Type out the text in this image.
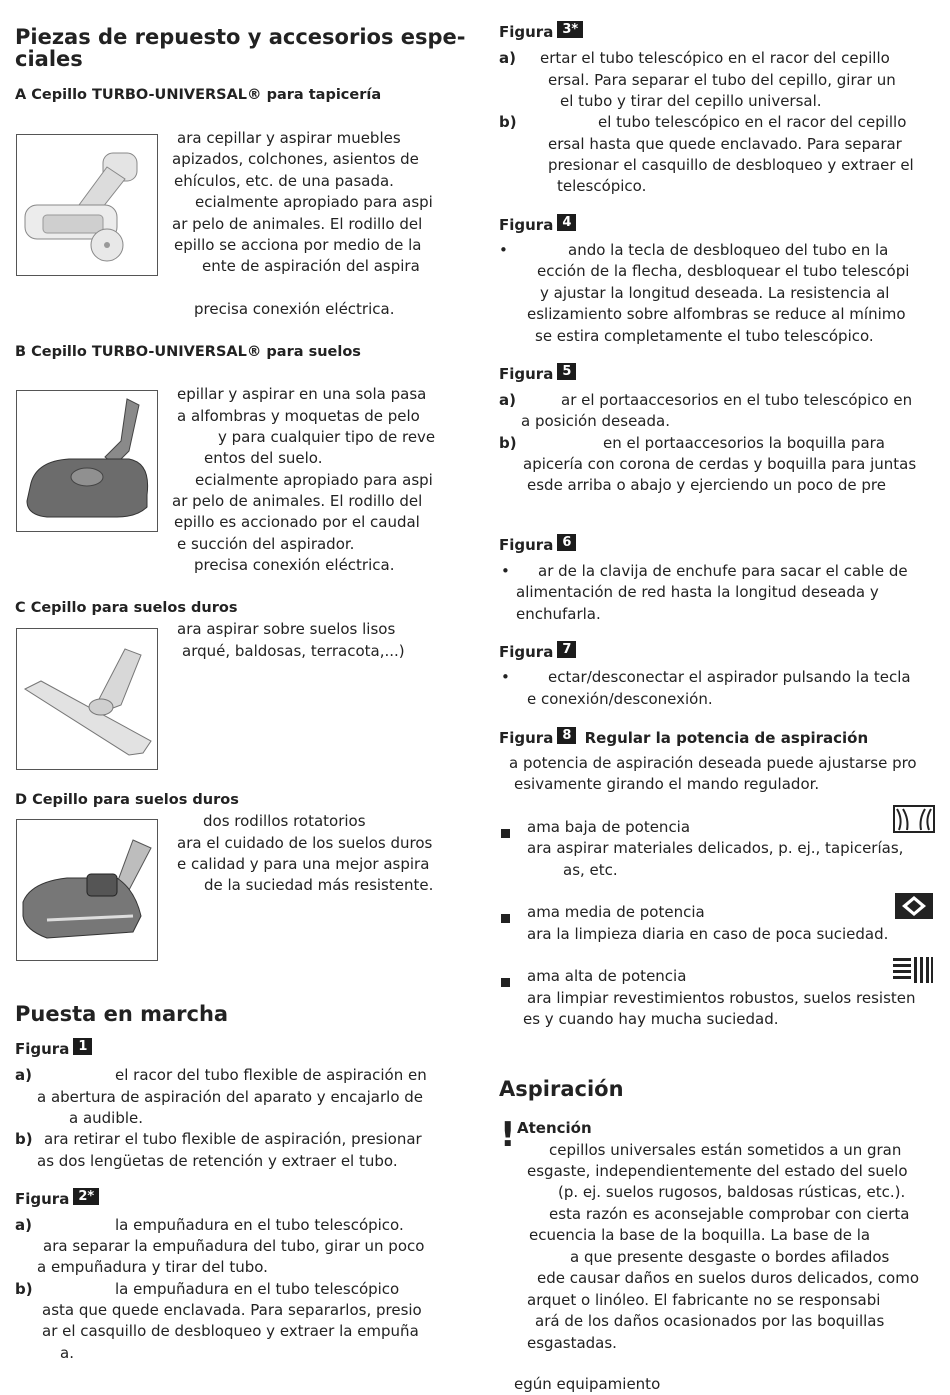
Piezas de repuesto y accesorios espe-
ciales
A Cepillo TURBO-UNIVERSAL® para tapicería
ara cepillar y aspirar muebles
apizados, colchones, asientos de
ehículos, etc. de una pasada.
ecialmente apropiado para aspi
ar pelo de animales. El rodillo del
epillo se acciona por medio de la
ente de aspiración del aspira
precisa conexión eléctrica.
B Cepillo TURBO-UNIVERSAL® para suelos
epillar y aspirar en una sola pasa
a alfombras y moquetas de pelo
y para cualquier tipo de reve
entos del suelo.
ecialmente apropiado para aspi
ar pelo de animales. El rodillo del
epillo es accionado por el caudal
e succión del aspirador.
precisa conexión eléctrica.
C Cepillo para suelos duros
ara aspirar sobre suelos lisos
arqué, baldosas, terracota,...)
D Cepillo para suelos duros
dos rodillos rotatorios
ara el cuidado de los suelos duros
e calidad y para una mejor aspira
de la suciedad más resistente.
Puesta en marcha
Figura 1
a)	el racor del tubo flexible de aspiración en
a abertura de aspiración del aparato y encajarlo de
a audible.
b) ara retirar el tubo flexible de aspiración, presionar
as dos lengüetas de retención y extraer el tubo.
Figura 2*
a)	la empuñadura en el tubo telescópico.
ara separar la empuñadura del tubo, girar un poco
a empuñadura y tirar del tubo.
b)	la empuñadura en el tubo telescópico
asta que quede enclavada. Para separarlos, presio
ar el casquillo de desbloqueo y extraer la empuña
a.
Figura 3*
a) ertar el tubo telescópico en el racor del cepillo
ersal. Para separar el tubo del cepillo, girar un
el tubo y tirar del cepillo universal.
b)	el tubo telescópico en el racor del cepillo
ersal hasta que quede enclavado. Para separar
presionar el casquillo de desbloqueo y extraer el
telescópico.
Figura 4
•	ando la tecla de desbloqueo del tubo en la
ección de la flecha, desbloquear el tubo telescópi
y ajustar la longitud deseada. La resistencia al
eslizamiento sobre alfombras se reduce al mínimo
se estira completamente el tubo telescópico.
Figura 5
a)	ar el portaaccesorios en el tubo telescópico en
a posición deseada.
b)	en el portaaccesorios la boquilla para
apicería con corona de cerdas y boquilla para juntas
esde arriba o abajo y ejerciendo un poco de pre
Figura 6
• ar de la clavija de enchufe para sacar el cable de
alimentación de red hasta la longitud deseada y
enchufarla.
Figura 7
•	ectar/desconectar el aspirador pulsando la tecla
e conexión/desconexión.
Figura 8 Regular la potencia de aspiración
a potencia de aspiración deseada puede ajustarse pro
esivamente girando el mando regulador.
ama baja de potencia
ara aspirar materiales delicados, p. ej., tapicerías,
as, etc.
ama media de potencia
ara la limpieza diaria en caso de poca suciedad.
ama alta de potencia
ara limpiar revestimientos robustos, suelos resisten
es y cuando hay mucha suciedad.
Aspiración
! Atención
cepillos universales están sometidos a un gran
esgaste, independientemente del estado del suelo
(p. ej. suelos rugosos, baldosas rústicas, etc.).
esta razón es aconsejable comprobar con cierta
ecuencia la base de la boquilla. La base de la
a que presente desgaste o bordes afilados
ede causar daños en suelos duros delicados, como
arquet o linóleo. El fabricante no se responsabi
ará de los daños ocasionados por las boquillas
esgastadas.
egún equipamiento
